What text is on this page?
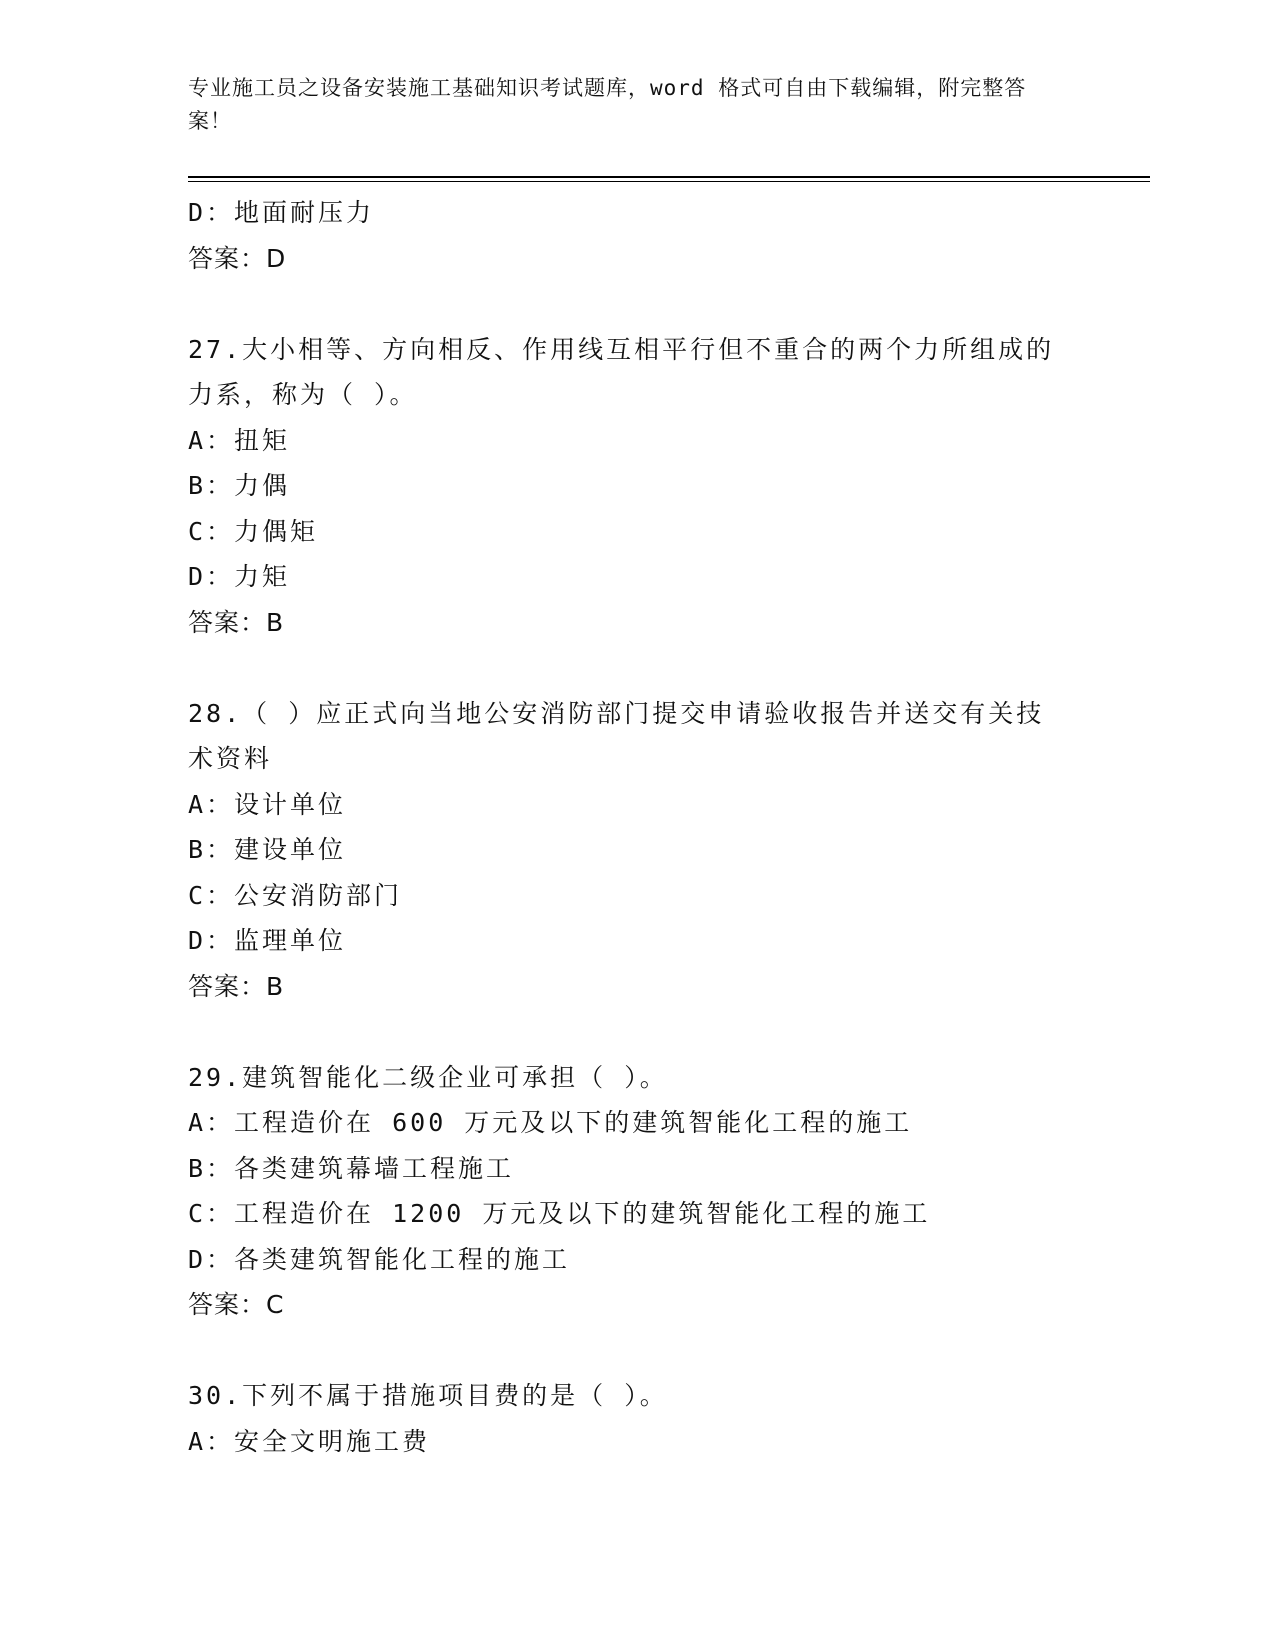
专业施工员之设备安装施工基础知识考试题库，word 格式可自由下载编辑，附完整答案！
D：地面耐压力
答案：D
27.大小相等、方向相反、作用线互相平行但不重合的两个力所组成的
力系，称为（ ）。
A：扭矩
B：力偶
C：力偶矩
D：力矩
答案：B
28.（ ）应正式向当地公安消防部门提交申请验收报告并送交有关技
术资料
A：设计单位
B：建设单位
C：公安消防部门
D：监理单位
答案：B
29.建筑智能化二级企业可承担（ ）。
A：工程造价在 600 万元及以下的建筑智能化工程的施工
B：各类建筑幕墙工程施工
C：工程造价在 1200 万元及以下的建筑智能化工程的施工
D：各类建筑智能化工程的施工
答案：C
30.下列不属于措施项目费的是（ ）。
A：安全文明施工费
